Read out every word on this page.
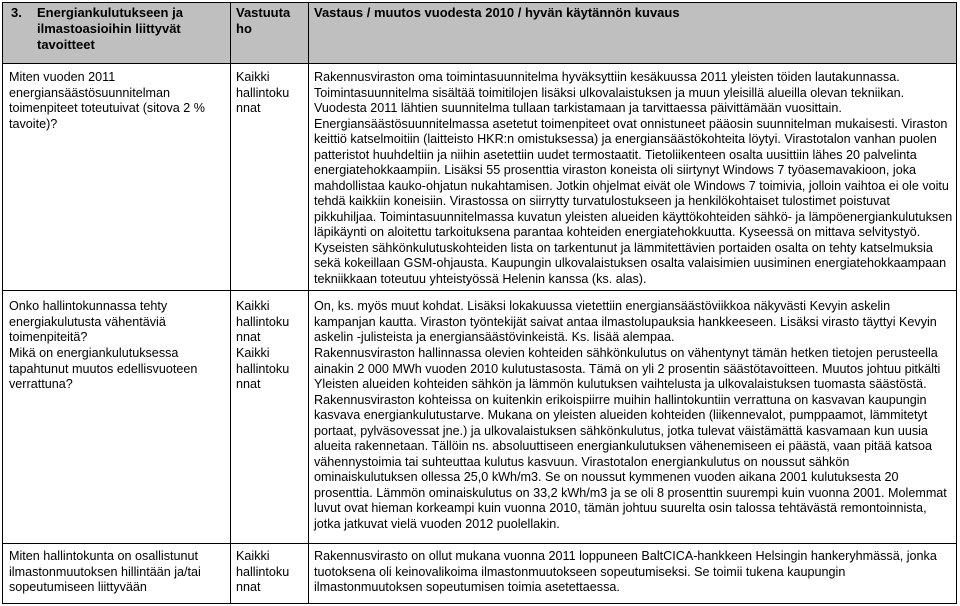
3.	Energiankulutukseen ja ilmastoasioihin liittyvät tavoitteet
Vastuuta ho
Vastaus / muutos vuodesta 2010 / hyvän käytännön kuvaus
Miten vuoden 2011 energiansäästösuunnitelman toimenpiteet toteutuivat (sitova 2 % tavoite)?
Kaikki hallintoku nnat
Rakennusviraston oma toimintasuunnitelma hyväksyttiin kesäkuussa 2011 yleisten töiden lautakunnassa. Toimintasuunnitelma sisältää toimitilojen lisäksi ulkovalaistuksen ja muun yleisillä alueilla olevan tekniikan. Vuodesta 2011 lähtien suunnitelma tullaan tarkistamaan ja tarvittaessa päivittämään vuosittain. Energiansäästösuunnitelmassa asetetut toimenpiteet ovat onnistuneet pääosin suunnitelman mukaisesti. Viraston keittiö katselmoitiin (laitteisto HKR:n omistuksessa) ja energiansäästökohteita löytyi. Virastotalon vanhan puolen patteristot huuhdeltiin ja niihin asetettiin uudet termostaatit. Tietoliikenteen osalta uusittiin lähes 20 palvelinta energiatehokkaampiin. Lisäksi 55 prosenttia viraston koneista oli siirtynyt Windows 7 työasemavakioon, joka mahdollistaa kauko-ohjatun nukahtamisen. Jotkin ohjelmat eivät ole Windows 7 toimivia, jolloin vaihtoa ei ole voitu tehdä kaikkiin koneisiin. Virastossa on siirrytty turvatulostukseen ja henkilökohtaiset tulostimet poistuvat pikkuhiljaa. Toimintasuunnitelmassa kuvatun yleisten alueiden käyttökohteiden sähkö- ja lämpöenergiankulutuksen läpikäynti on aloitettu tarkoituksena parantaa kohteiden energiatehokkuutta. Kyseessä on mittava selvitystyö. Kyseisten sähkönkulutuskohteiden lista on tarkentunut ja lämmitettävien portaiden osalta on tehty katselmuksia sekä kokeillaan GSM-ohjausta. Kaupungin ulkovalaistuksen osalta valaisimien uusiminen energiatehokkaampaan tekniikkaan toteutuu yhteistyössä Helenin kanssa (ks. alas).
Onko hallintokunnassa tehty energiakulutusta vähentäviä toimenpiteitä?
Kaikki hallintoku nnat
On, ks. myös muut kohdat. Lisäksi lokakuussa vietettiin energiansäästöviikkoa näkyvästi Kevyin askelin kampanjan kautta. Viraston työntekijät saivat antaa ilmastolupauksia hankkeeseen. Lisäksi virasto täyttyi Kevyin askelin -julisteista ja energiansäästövinkeistä. Ks. lisää alempaa.
Mikä on energiankulutuksessa tapahtunut muutos edellisvuoteen verrattuna?
Kaikki hallintoku nnat
Rakennusviraston hallinnassa olevien kohteiden sähkönkulutus on vähentynyt tämän hetken tietojen perusteella ainakin 2 000 MWh vuoden 2010 kulutustasosta. Tämä on yli 2 prosentin säästötavoitteen. Muutos johtuu pitkälti Yleisten alueiden kohteiden sähkön ja lämmön kulutuksen vaihtelusta ja ulkovalaistuksen tuomasta säästöstä. Rakennusviraston kohteissa on kuitenkin erikoispiirre muihin hallintokuntiin verrattuna on kasvavan kaupungin kasvava energiankulutustarve. Mukana on yleisten alueiden kohteiden (liikennevalot, pumppaamot, lämmitetyt portaat, pylväsovessat jne.) ja ulkovalaistuksen sähkönkulutus, jotka tulevat väistämättä kasvamaan kun uusia alueita rakennetaan. Tällöin ns. absoluuttiseen energiankulutuksen vähenemiseen ei päästä, vaan pitää katsoa vähennystoimia tai suhteuttaa kulutus kasvuun. Virastotalon energiankulutus on noussut sähkön ominaiskulutuksen ollessa 25,0 kWh/m3. Se on noussut kymmenen vuoden aikana 2001 kulutuksesta 20 prosenttia. Lämmön ominaiskulutus on 33,2 kWh/m3 ja se oli 8 prosenttin suurempi kuin vuonna 2001. Molemmat luvut ovat hieman korkeampi kuin vuonna 2010, tämän johtuu suurelta osin talossa tehtävästä remontoinnista, jotka jatkuvat vielä vuoden 2012 puolellakin.
Miten hallintokunta on osallistunut ilmastonmuutoksen hillintään ja/tai sopeutumiseen liittyvään
Kaikki hallintoku nnat
Rakennusvirasto on ollut mukana vuonna 2011 loppuneen BaltCICA-hankkeen Helsingin hankeryhmässä, jonka tuotoksena oli keinovalikoima ilmastonmuutokseen sopeutumiseksi. Se toimii tukena kaupungin ilmastonmuutoksen sopeutumisen toimia asetettaessa.
